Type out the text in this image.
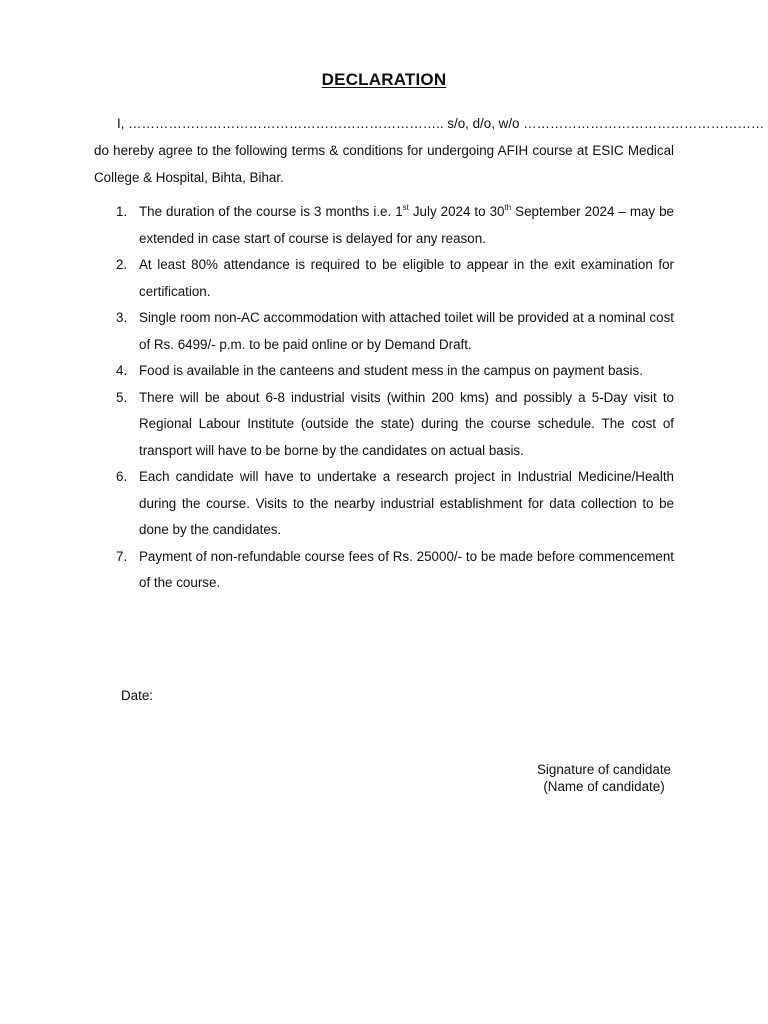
DECLARATION
I, …………………………………………………………….. s/o, d/o, w/o ………………………………………………
do hereby agree to the following terms & conditions for undergoing AFIH course at ESIC Medical College & Hospital, Bihta, Bihar.
1. The duration of the course is 3 months i.e. 1st July 2024 to 30th September 2024 – may be extended in case start of course is delayed for any reason.
2. At least 80% attendance is required to be eligible to appear in the exit examination for certification.
3. Single room non-AC accommodation with attached toilet will be provided at a nominal cost of Rs. 6499/- p.m. to be paid online or by Demand Draft.
4. Food is available in the canteens and student mess in the campus on payment basis.
5. There will be about 6-8 industrial visits (within 200 kms) and possibly a 5-Day visit to Regional Labour Institute (outside the state) during the course schedule. The cost of transport will have to be borne by the candidates on actual basis.
6. Each candidate will have to undertake a research project in Industrial Medicine/Health during the course. Visits to the nearby industrial establishment for data collection to be done by the candidates.
7. Payment of non-refundable course fees of Rs. 25000/- to be made before commencement of the course.
Date:
Signature of candidate
(Name of candidate)
